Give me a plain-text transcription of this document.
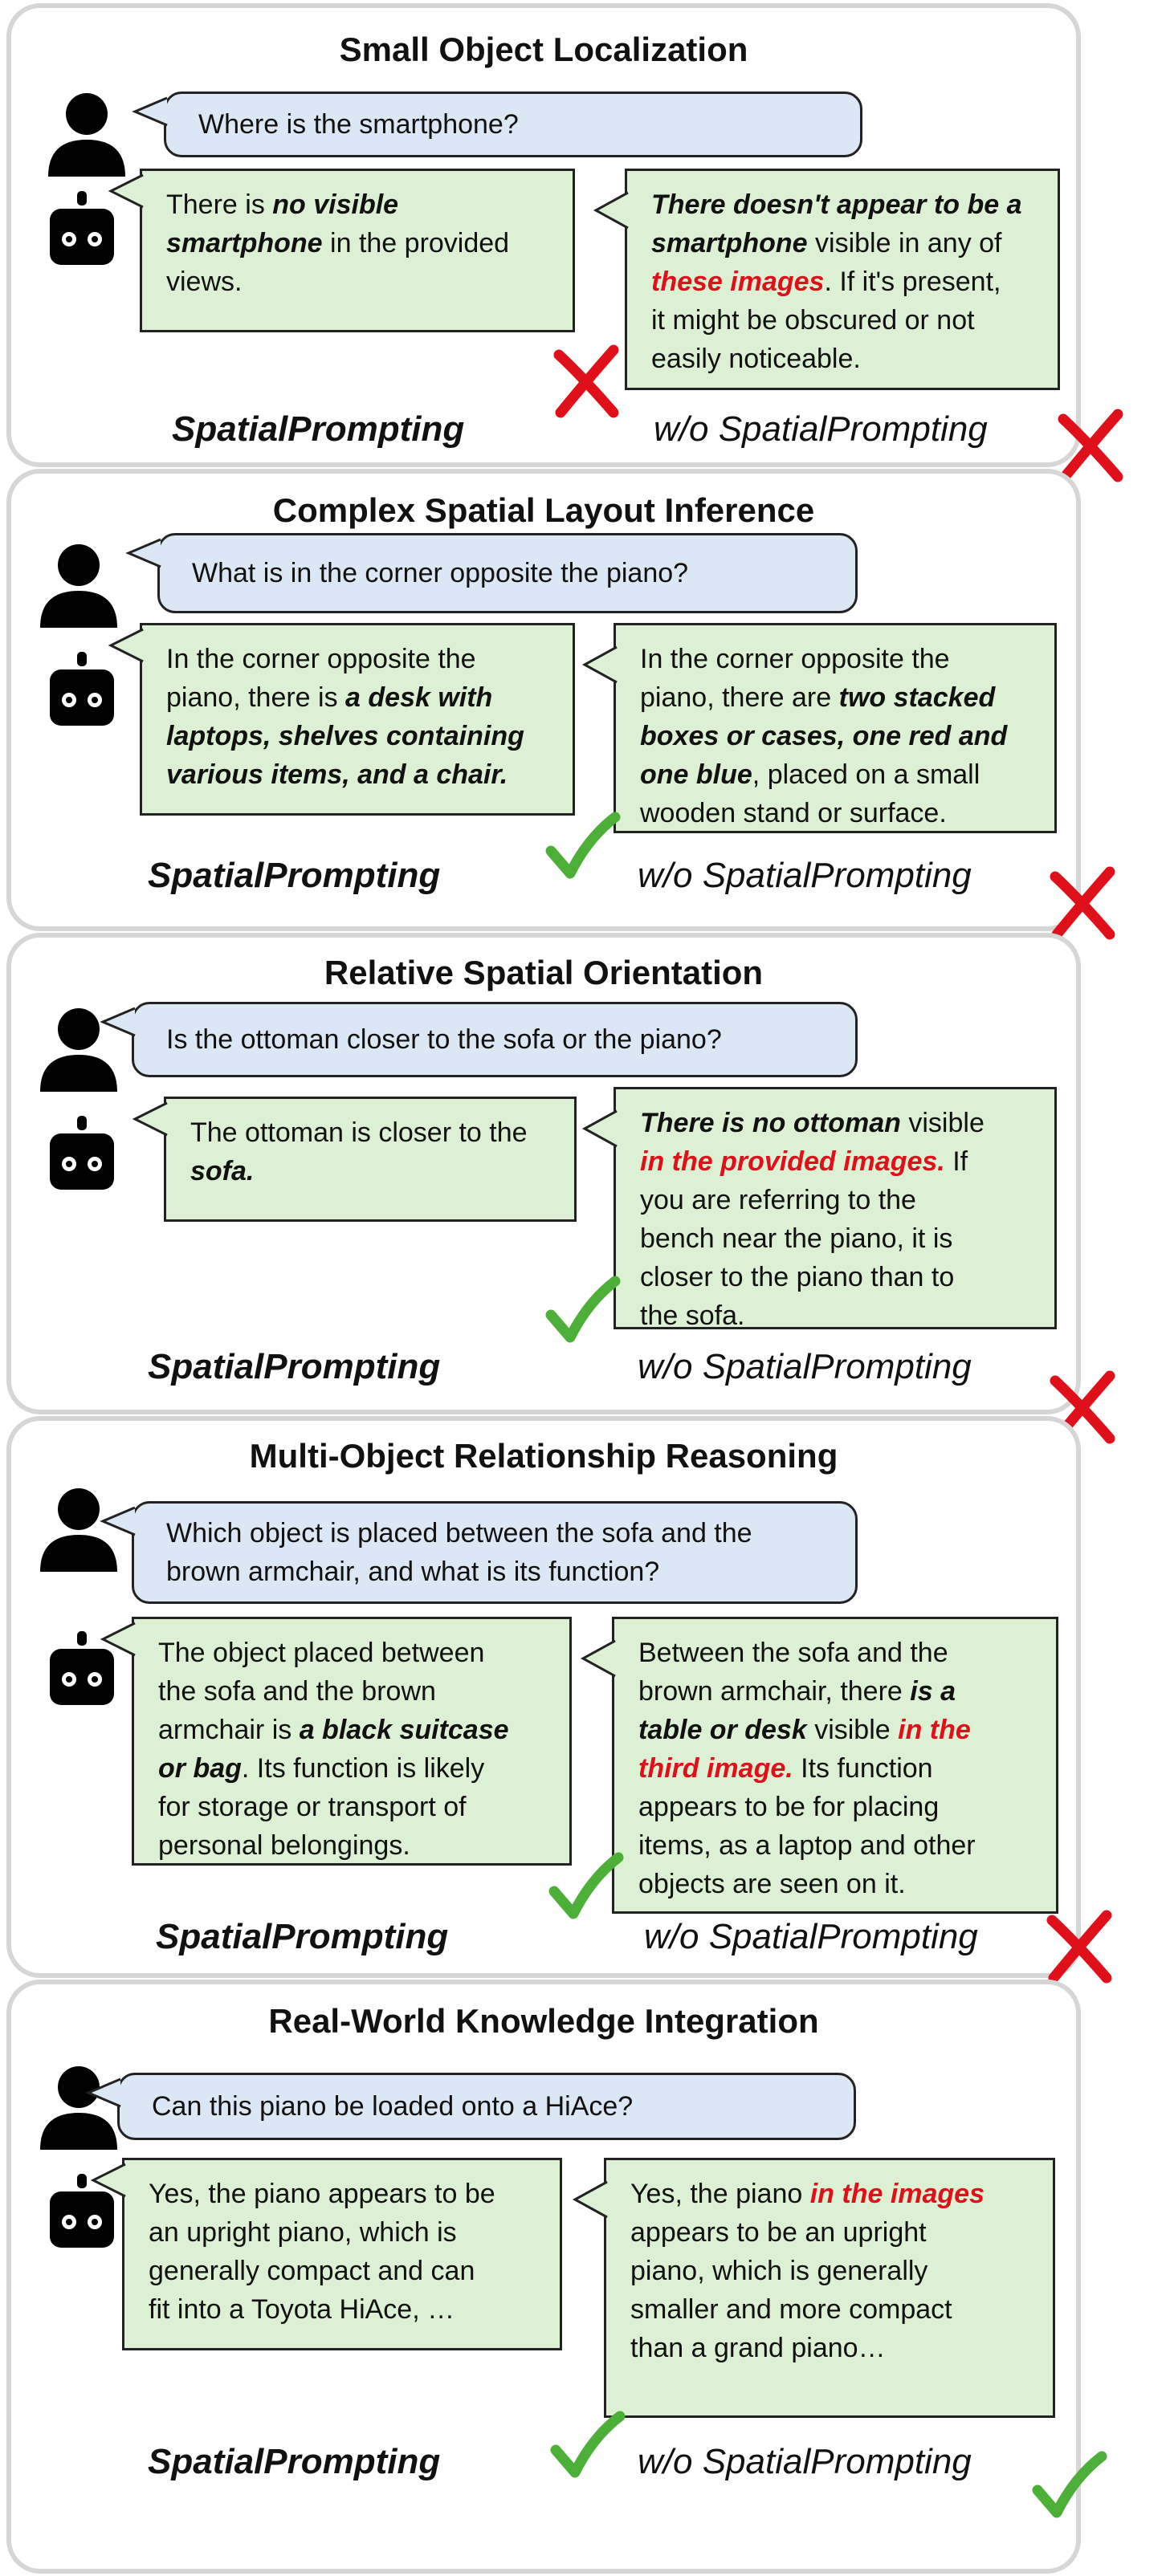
Small Object Localization
Where is the smartphone?
There is no visible
smartphone in the provided
views.
There doesn't appear to be a
smartphone visible in any of
these images. If it's present,
it might be obscured or not
easily noticeable.
SpatialPrompting	w/o SpatialPrompting
Complex Spatial Layout Inference
What is in the corner opposite the piano?
In the corner opposite the
piano, there is a desk with
laptops, shelves containing
various items, and a chair.
In the corner opposite the
piano, there are two stacked
boxes or cases, one red and
one blue, placed on a small
wooden stand or surface.
SpatialPrompting	w/o SpatialPrompting
Relative Spatial Orientation
Is the ottoman closer to the sofa or the piano?
The ottoman is closer to the
sofa.
There is no ottoman visible
in the provided images. If
you are referring to the
bench near the piano, it is
closer to the piano than to
the sofa.
SpatialPrompting	w/o SpatialPrompting
Multi-Object Relationship Reasoning
Which object is placed between the sofa and the brown armchair, and what is its function?
The object placed between
the sofa and the brown
armchair is a black suitcase
or bag. Its function is likely
for storage or transport of
personal belongings.
Between the sofa and the
brown armchair, there is a
table or desk visible in the
third image. Its function
appears to be for placing
items, as a laptop and other
objects are seen on it.
SpatialPrompting	w/o SpatialPrompting
Real-World Knowledge Integration
Can this piano be loaded onto a HiAce?
Yes, the piano appears to be
an upright piano, which is
generally compact and can
fit into a Toyota HiAce, …
Yes, the piano in the images
appears to be an upright
piano, which is generally
smaller and more compact
than a grand piano…
SpatialPrompting	w/o SpatialPrompting
